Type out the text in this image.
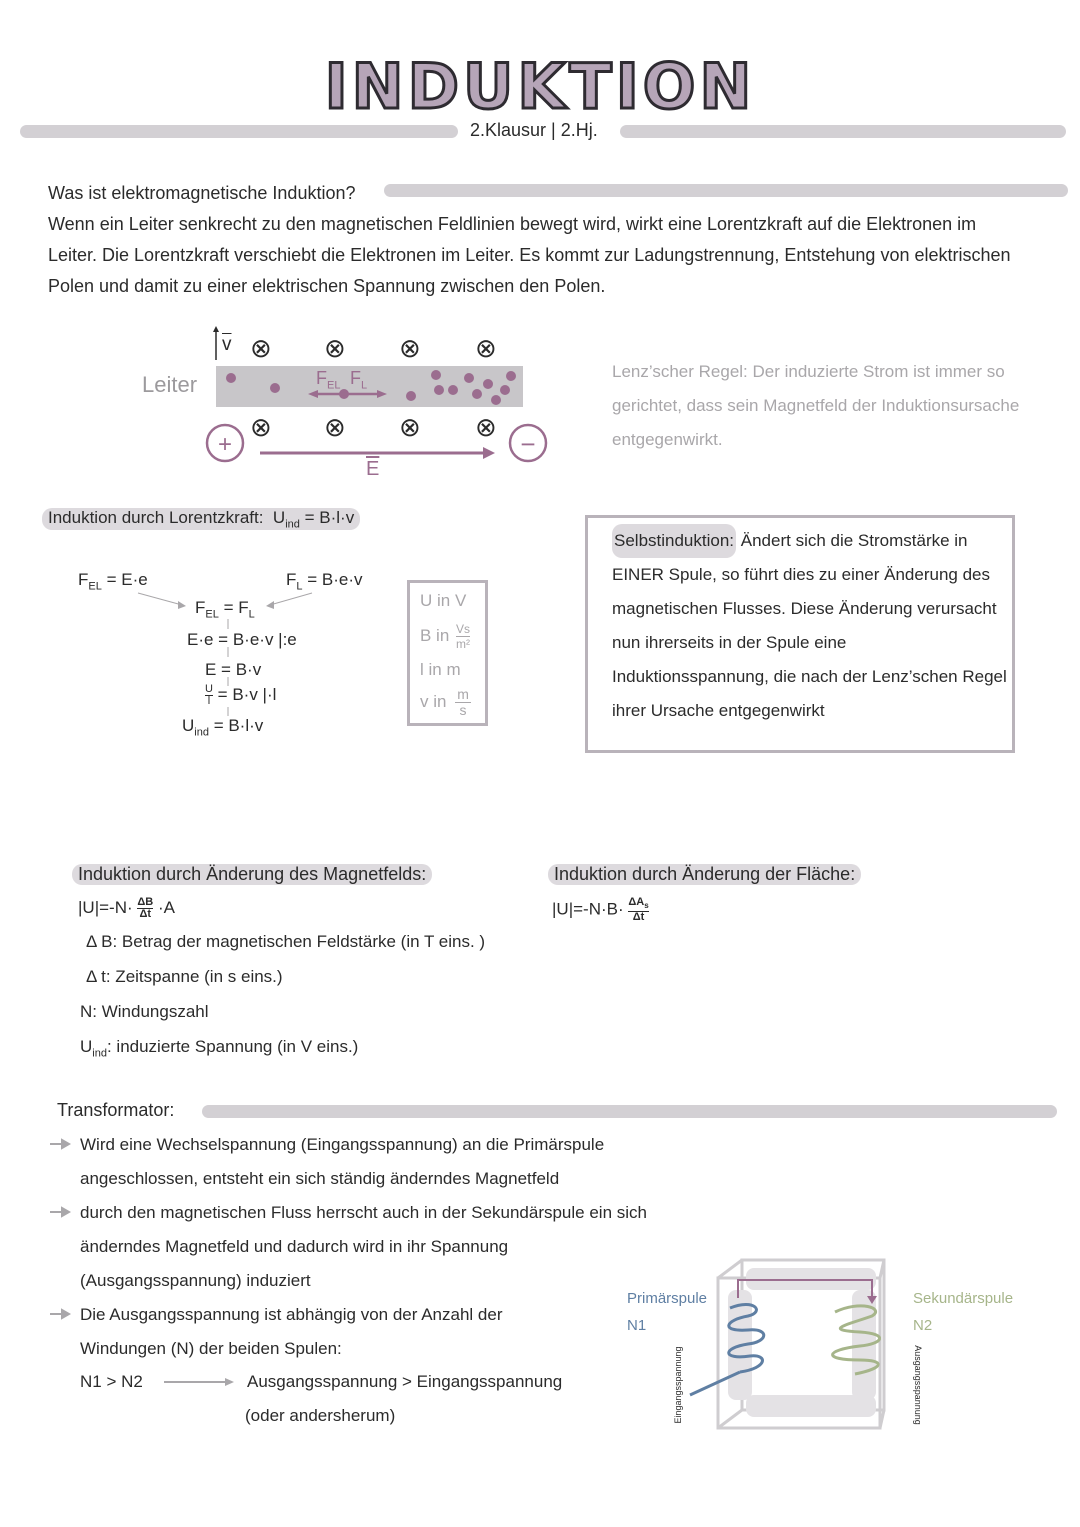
INDUKTION
2.Klausur | 2.Hj.
Was ist elektromagnetische Induktion?
Wenn ein Leiter senkrecht zu den magnetischen Feldlinien bewegt wird, wirkt eine Lorentzkraft auf die Elektronen im Leiter. Die Lorentzkraft verschiebt die Elektronen im Leiter. Es kommt zur Ladungstrennung, Entstehung von elektrischen Polen und damit zu einer elektrischen Spannung zwischen den Polen.
Leiter
$\overline{v}$
$F_{EL}$ $F_L$
+	−
$\overline{E}$
⊗ ⊗ ⊗ ⊗
⊗ ⊗ ⊗ ⊗
Lenz’scher Regel: Der induzierte Strom ist immer so gerichtet, dass sein Magnetfeld der Induktionsursache entgegenwirkt.
Induktion durch Lorentzkraft: $U_{ind} = B\cdot l\cdot v$
$F_{EL} = E\cdot e$	$F_L = B\cdot e\cdot v$
$F_{EL} = F_L$
E·e = B·e·v |:e
E = B·v
$\frac{U}{l} = B\cdot v$ |·l
$U_{ind} = B\cdot l\cdot v$
U in V
B in $\frac{Vs}{\text{m²}}$
l in m
v in $\frac{m}{s}$
Selbstinduktion: Ändert sich die Stromstärke in EINER Spule, so führt dies zu einer Änderung des magnetischen Flusses. Diese Änderung verursacht nun ihrerseits in der Spule eine Induktionsspannung, die nach der Lenz’schen Regel ihrer Ursache entgegenwirkt
Induktion durch Änderung des Magnetfelds:
$|U|=-N\cdot \frac{\Delta B}{\Delta t} \cdot A$
Δ B: Betrag der magnetischen Feldstärke (in T eins. )
Δ t: Zeitspanne (in s eins.)
N: Windungszahl
$U_{ind}$: induzierte Spannung (in V eins.)
Induktion durch Änderung der Fläche:
$|U|=-N\cdot B\cdot \Delta A_s$
Δt
Transformator:
Wird eine Wechselspannung (Eingangsspannung) an die Primärspule angeschlossen, entsteht ein sich ständig änderndes Magnetfeld
durch den magnetischen Fluss herrscht auch in der Sekundärspule ein sich änderndes Magnetfeld und dadurch wird in ihr Spannung (Ausgangsspannung) induziert
Die Ausgangsspannung ist abhängig von der Anzahl der Windungen (N) der beiden Spulen:
N1 > N2	Ausgangsspannung > Eingangsspannung
(oder andersherum)
Primärspule
N1
Sekundärspule
N2
Eingangsspannung	Ausgangsspannung
